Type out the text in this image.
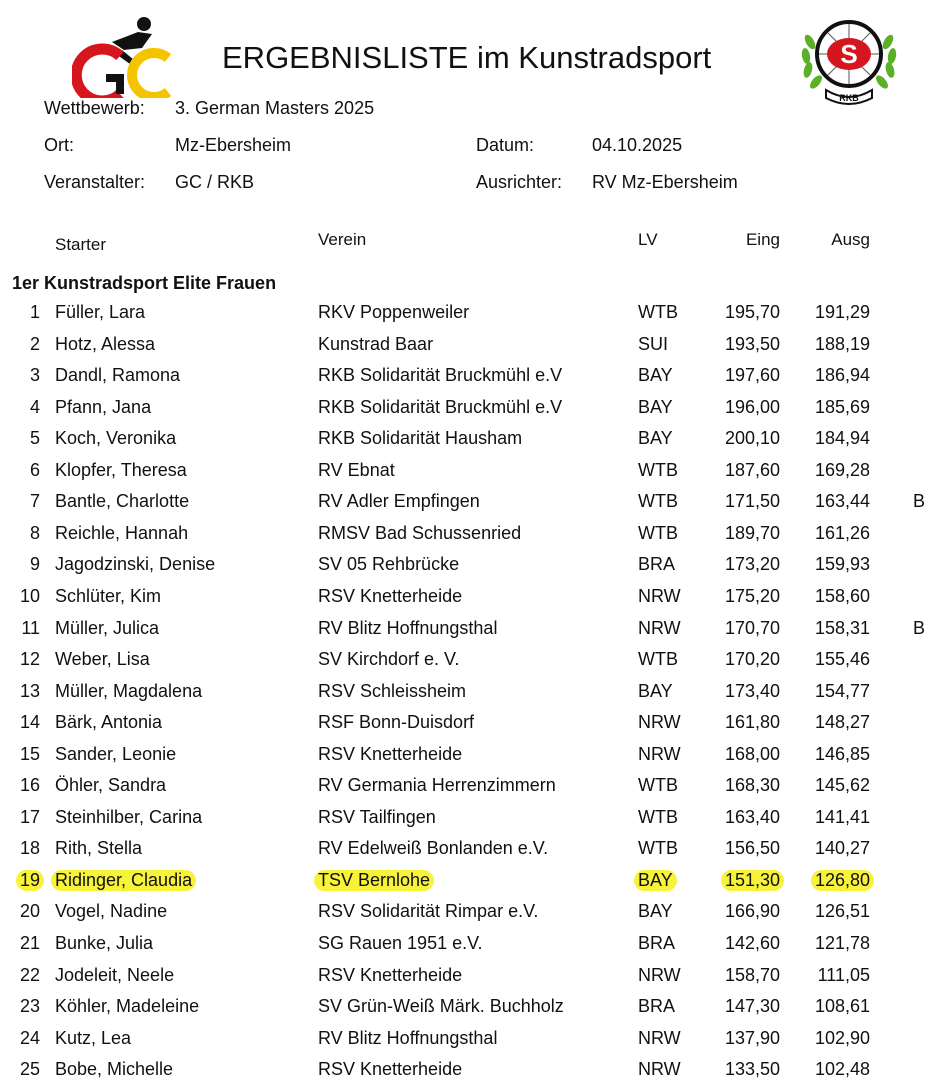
ERGEBNISLISTE im Kunstradsport	S
RKB
Wettbewerb: 3. German Masters 2025
Ort:	Mz-Ebersheim	Datum:	04.10.2025
Veranstalter: GC / RKB	Ausrichter: RV Mz-Ebersheim
Starter	Verein	LV	Eing	Ausg
1er Kunstradsport Elite Frauen
1 Füller, Lara	RKV Poppenweiler	WTB	195,70 191,29
2 Hotz, Alessa	Kunstrad Baar	SUI	193,50 188,19
3 Dandl, Ramona	RKB Solidarität Bruckmühl e.V	BAY	197,60 186,94
4 Pfann, Jana	RKB Solidarität Bruckmühl e.V	BAY	196,00 185,69
5 Koch, Veronika	RKB Solidarität Hausham	BAY	200,10 184,94
6 Klopfer, Theresa	RV Ebnat	WTB	187,60 169,28
7 Bantle, Charlotte	RV Adler Empfingen	WTB	171,50 163,44 B
8 Reichle, Hannah	RMSV Bad Schussenried	WTB	189,70 161,26
9 Jagodzinski, Denise	SV 05 Rehbrücke	BRA	173,20 159,93
10 Schlüter, Kim	RSV Knetterheide	NRW 175,20 158,60
11 Müller, Julica	RV Blitz Hoffnungsthal	NRW 170,70 158,31 B
12 Weber, Lisa	SV Kirchdorf e. V.	WTB	170,20 155,46
13 Müller, Magdalena	RSV Schleissheim	BAY	173,40 154,77
14 Bärk, Antonia	RSF Bonn-Duisdorf	NRW 161,80 148,27
15 Sander, Leonie	RSV Knetterheide	NRW 168,00 146,85
16 Öhler, Sandra	RV Germania Herrenzimmern	WTB	168,30 145,62
17 Steinhilber, Carina	RSV Tailfingen	WTB	163,40 141,41
18 Rith, Stella	RV Edelweiß Bonlanden e.V.	WTB	156,50 140,27
19 Ridinger, Claudia	TSV Bernlohe	BAY	151,30 126,80
20 Vogel, Nadine	RSV Solidarität Rimpar e.V.	BAY	166,90 126,51
21 Bunke, Julia	SG Rauen 1951 e.V.	BRA	142,60 121,78
22 Jodeleit, Neele	RSV Knetterheide	NRW 158,70 111,05
23 Köhler, Madeleine	SV Grün-Weiß Märk. Buchholz	BRA	147,30 108,61
24 Kutz, Lea	RV Blitz Hoffnungsthal	NRW 137,90 102,90
25 Bobe, Michelle	RSV Knetterheide	NRW 133,50 102,48
